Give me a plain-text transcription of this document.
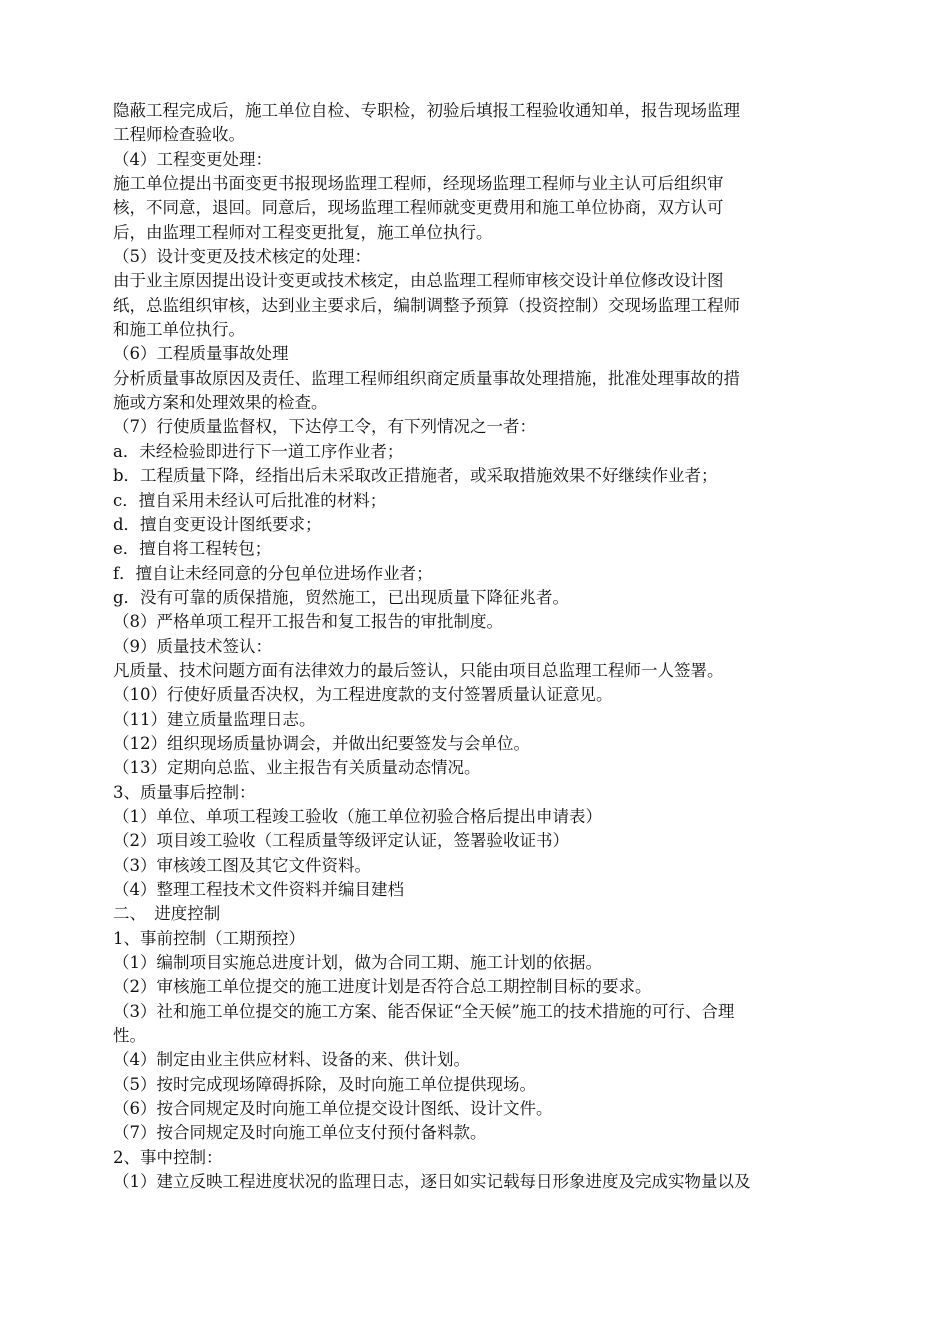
隐蔽工程完成后，施工单位自检、专职检，初验后填报工程验收通知单，报告现场监理
工程师检查验收。
（4）工程变更处理：
施工单位提出书面变更书报现场监理工程师，经现场监理工程师与业主认可后组织审
核，不同意，退回。同意后，现场监理工程师就变更费用和施工单位协商，双方认可
后，由监理工程师对工程变更批复，施工单位执行。
（5）设计变更及技术核定的处理：
由于业主原因提出设计变更或技术核定，由总监理工程师审核交设计单位修改设计图
纸，总监组织审核，达到业主要求后，编制调整予预算（投资控制）交现场监理工程师
和施工单位执行。
（6）工程质量事故处理
分析质量事故原因及责任、监理工程师组织商定质量事故处理措施，批准处理事故的措
施或方案和处理效果的检查。
（7）行使质量监督权，下达停工令，有下列情况之一者：
a．未经检验即进行下一道工序作业者；
b．工程质量下降，经指出后未采取改正措施者，或采取措施效果不好继续作业者；
c．擅自采用未经认可后批准的材料；
d．擅自变更设计图纸要求；
e．擅自将工程转包；
f．擅自让未经同意的分包单位进场作业者；
g．没有可靠的质保措施，贸然施工，已出现质量下降征兆者。
（8）严格单项工程开工报告和复工报告的审批制度。
（9）质量技术签认：
凡质量、技术问题方面有法律效力的最后签认，只能由项目总监理工程师一人签署。
（10）行使好质量否决权，为工程进度款的支付签署质量认证意见。
（11）建立质量监理日志。
（12）组织现场质量协调会，并做出纪要签发与会单位。
（13）定期向总监、业主报告有关质量动态情况。
3、质量事后控制：
（1）单位、单项工程竣工验收（施工单位初验合格后提出申请表）
（2）项目竣工验收（工程质量等级评定认证，签署验收证书）
（3）审核竣工图及其它文件资料。
（4）整理工程技术文件资料并编目建档
二、　进度控制
1、事前控制（工期预控）
（1）编制项目实施总进度计划，做为合同工期、施工计划的依据。
（2）审核施工单位提交的施工进度计划是否符合总工期控制目标的要求。
（3）社和施工单位提交的施工方案、能否保证“全天候”施工的技术措施的可行、合理
性。
（4）制定由业主供应材料、设备的来、供计划。
（5）按时完成现场障碍拆除，及时向施工单位提供现场。
（6）按合同规定及时向施工单位提交设计图纸、设计文件。
（7）按合同规定及时向施工单位支付预付备料款。
2、事中控制：
（1）建立反映工程进度状况的监理日志，逐日如实记载每日形象进度及完成实物量以及
